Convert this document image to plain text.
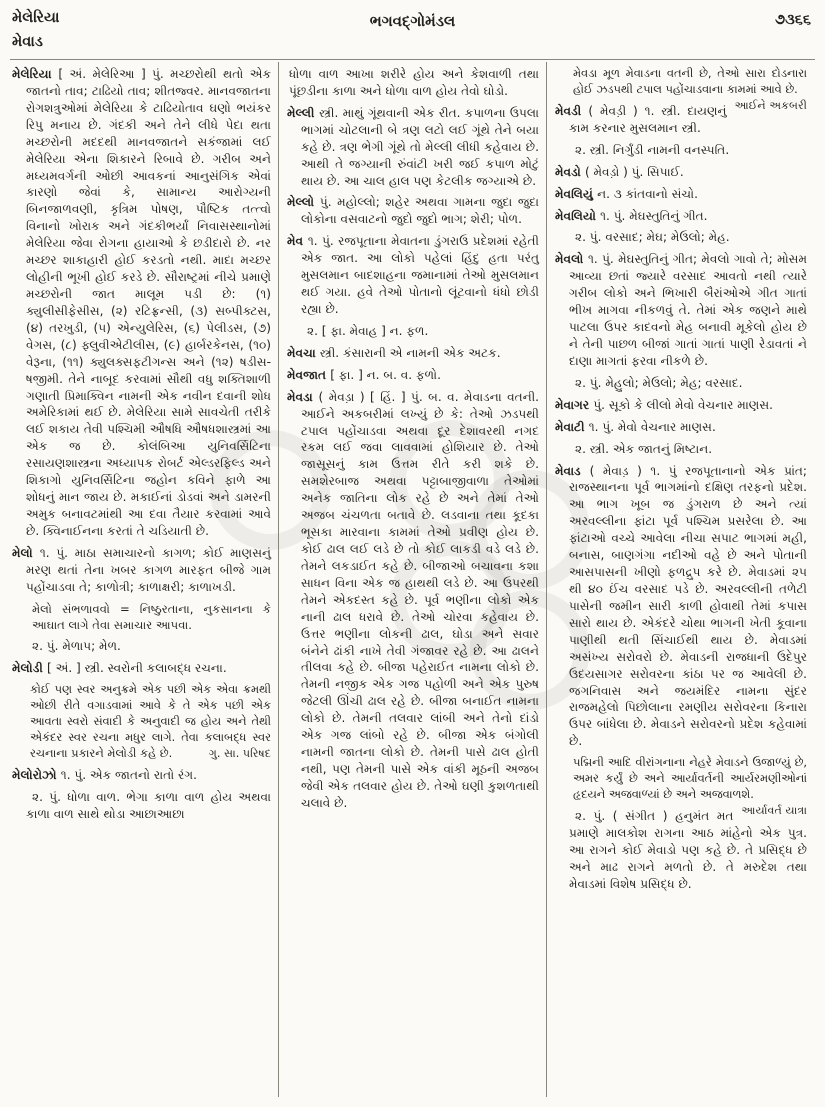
મેલેરિયા
મેવાડ
ભગવદ્ગોમંડલ	૭૩૬૬

મેલેરિયા [ અં. મેલેરિઆ ] પું. મચ્છરોથી થતો એક જાતનો તાવ; ટાઢિયો તાવ; શીતજ્વર. માનવજાતના રોગશત્રુઓમાં મેલેરિયા કે ટાઢિયોતાવ ઘણો ભયંકર રિપુ મનાય છે. ગંદકી અને તેને લીધે પેદા થતા મચ્છરોની મદદથી માનવજાતને સકંજામાં લઈ મેલેરિયા એના શિકારને રિબાવે છે. ગરીબ અને મધ્યમવર્ગની ઓછી આવકનાં આનુસંગિક એવાં કારણો જેવાં કે, સામાન્ય આરોગ્યની બિનજાળવણી, કૃત્રિમ પોષણ, પૌષ્ટિક તત્ત્વો વિનાનો ખોરાક અને ગંદકીભર્યાં નિવાસસ્થાનોમાં મેલેરિયા જેવા રોગના હાયાઓ કે છડીદારો છે. નર મચ્છર શાકાહારી હોઈ કરડતો નથી. માદા મચ્છર લોહીની ભૂખી હોઈ કરડે છે. સૌરાષ્ટ્રમાં નીચે પ્રમાણે મચ્છરોની જાત માલૂમ પડી છે: (૧) ક્યુલીસીફેસીસ, (૨) રટિફ્રન્સી, (૩) સબ્પીક્ટસ, (૪) તરખુડી, (૫) એન્યુલેરિસ, (૬) પેલીડસ, (૭) વેગસ, (૮) ફ્લુવીએટીલીસ, (૯) હાર્બરકેનસ, (૧૦) વેરૂના, (૧૧) ક્યુલક્સફટીગન્સ અને (૧૨) ષડીસ-ષજીમી. તેને નાબૂદ કરવામાં સૌથી વધુ શક્તિશાળી ગણાતી પ્રિમાક્વિન નામની એક નવીન દવાની શોધ અમેરિકામાં થઈ છે. મેલેરિયા સામે સાવચેતી તરીકે લઈ શકાય તેવી પશ્ચિમી ઔષધિ ઔષધશાસ્ત્રમાં આ એક જ છે. કોલંબિઆ યુનિવર્સિટિના રસાયણશાસ્ત્રના અધ્યાપક રોબર્ટ એલ્ડરફિલ્ડ અને શિકાગો યુનિવર્સિટિના જહોન કવિને ફાળે આ શોધનું માન જાય છે. મકાઈનાં ડોડવાં અને ડામરની અમુક બનાવટમાંથી આ દવા તૈયાર કરવામાં આવે છે. ક્વિનાઈનના કરતાં તે ચડિયાતી છે.

મેલો ૧. પું. માઠા સમાચારનો કાગળ; કોઈ માણસનું મરણ થતાં તેના ખબર કાગળ મારફત બીજે ગામ પહોંચાડવા તે; કાળોત્રી; કાળાક્ષરી; કાળાખડી.

મેલો સંભળાવવો = નિષ્ઠુરતાના, નુકસાનના કે આઘાત લાગે તેવા સમાચાર આપવા.

૨. પું. મેળાપ; મેળ.

મેલોડી [ અં. ] સ્ત્રી. સ્વરોની કલાબદ્ધ રચના.

કોઈ પણ સ્વર અનુક્રમે એક પછી એક એવા ક્રમથી ઓછી રીતે વગાડવામાં આવે કે તે એક પછી એક આવતા સ્વરો સંવાદી કે અનુવાદી જ હોય અને તેથી એકંદર સ્વર રચના મધુર લાગે. તેવા કલાબદ્ધ સ્વર રચનાના પ્રકારને મેલોડી કહે છે.	ગુ. સા. પરિષદ

મેલોરોઝો ૧. પું. એક જાતનો રાતો રંગ.

૨. પું. ધોળા વાળ. ભેગા કાળા વાળ હોય અથવા કાળા વાળ સાથે થોડા આછાઆછા

ધોળા વાળ આખા શરીરે હોય અને કેશવાળી તથા પૂંછડીના કાળા અને ધોળા વાળ હોય તેવો ઘોડો.

મેલ્લી સ્ત્રી. માથું ગૂંથવાની એક રીત. કપાળના ઉપલા ભાગમાં ચોટલાની બે ત્રણ લટો લઈ ગૂંથે તેને બયા કહે છે. ત્રણ ભેગી ગૂંથે તો મેલ્લી લીધી કહેવાય છે. આથી તે જગ્યાની રુંવાંટી ખરી જઈ કપાળ મોટું થાય છે. આ ચાલ હાલ પણ કેટલીક જગ્યાએ છે.

મેલ્લો પું. મહોલ્લો; શહેર અથવા ગામના જુદા જુદા લોકોના વસવાટનો જુદો જુદો ભાગ; શેરી; પોળ.

મેવ ૧. પું. રજપૂતાના મેવાતના ડુંગરાઉ પ્રદેશમાં રહેતી એક જાત. આ લોકો પહેલાં હિંદુ હતા પરંતુ મુસલમાન બાદશાહના જમાનામાં તેઓ મુસલમાન થઈ ગયા. હવે તેઓ પોતાનો લૂંટવાનો ધંધો છોડી રહ્યા છે.

૨. [ ફા. મેવાહ ] ન. ફળ.

મેવચા સ્ત્રી. કંસારાની એ નામની એક અટક.

મેવજાત [ ફા. ] ન. બ. વ. ફળો.

મેવડા ( મેવડ઼ા ) [ હિં. ] પું. બ. વ. મેવાડના વતની. આઈને અકબરીમાં લખ્યું છે કે: તેઓ ઝડપથી ટપાલ પહોંચાડવા અથવા દૂર દેશાવરથી નગદ રકમ લઈ જવા લાવવામાં હોશિયાર છે. તેઓ જાસૂસનું કામ ઉત્તમ રીતે કરી શકે છે. સમશેરબાજ અથવા પટ્ટાબાજીવાળા તેઓમાં અનેક જાતિના લોક રહે છે અને તેમાં તેઓ અજબ ચંચળતા બતાવે છે. લડવાના તથા કૂદકા ભૂસકા મારવાના કામમાં તેઓ પ્રવીણ હોય છે. કોઈ ઢાલ લઈ લડે છે તો કોઈ લાકડી વડે લડે છે. તેમને લકડાઈત કહે છે. બીજાઓ બચાવના કશા સાધન વિના એક જ હાથથી લડે છે. આ ઉપરથી તેમને એકદસ્ત કહે છે. પૂર્વ ભણીના લોકો એક નાની ઢાલ ધરાવે છે. તેઓ ચોરવા કહેવાય છે. ઉત્તર ભણીના લોકની ઢાલ, ઘોડા અને સવાર બંનેને ઢાંકી નાખે તેવી ગંજાવર રહે છે. આ ઢાલને તીલવા કહે છે. બીજા પહેરાઈત નામના લોકો છે. તેમની નજીક એક ગજ પહોળી અને એક પુરુષ જેટલી ઊંચી ઢાલ રહે છે. બીજા બનાઈત નામના લોકો છે. તેમની તલવાર લાંબી અને તેનો દાંડો એક ગજ લાંબો રહે છે. બીજા એક બંગોલી નામની જાતના લોકો છે. તેમની પાસે ઢાલ હોતી નથી, પણ તેમની પાસે એક વાંકી મૂઠની અજબ જેવી એક તલવાર હોય છે. તેઓ ઘણી કુશળતાથી ચલાવે છે.

મેવડા મૂળ મેવાડના વતની છે, તેઓ સારા દોડનારા હોઈ ઝડપથી ટપાલ પહોંચાડવાના કામમાં આવે છે.
આઈને અકબરી

મેવડી ( મેવડ઼ી ) ૧. સ્ત્રી. દાયણનું કામ કરનાર મુસલમાન સ્ત્રી.

૨. સ્ત્રી. નિર્ગુંડી નામની વનસ્પતિ.

મેવડો ( મેવડ઼ો ) પું. સિપાઈ.

મેવલિયું ન. ૩ કાંતવાનો સંચો.

મેવલિયો ૧. પું. મેઘસ્તુતિનું ગીત.

૨. પું. વરસાદ; મેઘ; મેઉલો; મેહ.

મેવલો ૧. પું. મેઘસ્તુતિનું ગીત; મેવલો ગાવો તે; મોસમ આવ્યા છતાં જ્યારે વરસાદ આવતો નથી ત્યારે ગરીબ લોકો અને ભિખારી બૈરાંઓએ ગીત ગાતાં ભીખ માગવા નીકળવું તે. તેમાં એક જણને માથે પાટલા ઉપર કાદવનો મેહ બનાવી મૂકેલો હોય છે ને તેની પાછળ બીજાં ગાતાં ગાતાં પાણી રેડાવતાં ને દાણા માગતાં ફરવા નીકળે છે.

૨. પું. મેહુલો; મેઉલો; મેહ; વરસાદ.

મેવાગર પું. સૂકો કે લીલો મેવો વેચનાર માણસ.

મેવાટી ૧. પું. મેવો વેચનાર માણસ.

૨. સ્ત્રી. એક જાતનું મિષ્ટાન.

મેવાડ ( મેવાડ઼ ) ૧. પું રજપૂતાનાનો એક પ્રાંત; રાજસ્થાનના પૂર્વ ભાગમાંનો દક્ષિણ તરફનો પ્રદેશ. આ ભાગ ખૂબ જ ડુંગરાળ છે અને ત્યાં અરવલ્લીના ફાંટા પૂર્વ પશ્ચિમ પ્રસરેલા છે. આ ફાંટાઓ વચ્ચે આવેલા નીચા સપાટ ભાગમાં મહી, બનાસ, બાણગંગા નદીઓ વહે છે અને પોતાની આસપાસની ખીણો ફળદ્રુપ કરે છે. મેવાડમાં ૨૫ થી ૪૦ ઈંચ વરસાદ પડે છે. અરવલ્લીની તળેટી પાસેની જમીન સારી કાળી હોવાથી તેમાં કપાસ સારો થાય છે. એકંદરે ચોથા ભાગની ખેતી કૂવાના પાણીથી થતી સિંચાઈથી થાય છે. મેવાડમાં અસંખ્ય સરોવરો છે. મેવાડની રાજધાની ઉદેપુર ઉદયસાગર સરોવરના કાંઠા પર જ આવેલી છે. જગનિવાસ અને જયમંદિર નામના સુંદર રાજમહેલો પિછોલાના રમણીય સરોવરના કિનારા ઉપર બાંધેલા છે. મેવાડને સરોવરનો પ્રદેશ કહેવામાં છે.

પદ્મિની આદિ વીરાંગનાના નેહરે મેવાડને ઉજાળ્યું છે, અમર કર્યું છે અને આર્યાવર્તની આર્યરમણીઓનાં હૃદયને અજવાળ્યાં છે અને અજવાળશે.
આર્યાવર્ત યાત્રા

૨. પું. ( સંગીત ) હનુમંત મત પ્રમાણે માલકોશ રાગના આઠ માંહેનો એક પુત્ર. આ રાગને કોઈ મેવાડો પણ કહે છે. તે પ્રસિદ્ધ છે અને માઢ રાગને મળતો છે. તે મરુદેશ તથા મેવાડમાં વિશેષ પ્રસિદ્ધ છે.
